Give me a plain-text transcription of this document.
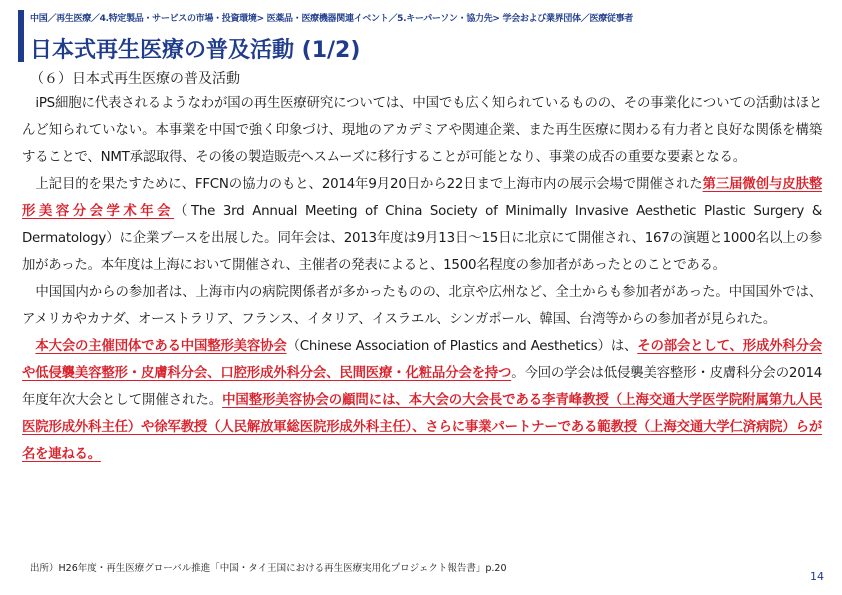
中国／再生医療／4.特定製品・サービスの市場・投資環境> 医薬品・医療機器関連イベント／5.キーパーソン・協力先> 学会および業界団体／医療従事者
日本式再生医療の普及活動 (1/2)
（６）日本式再生医療の普及活動

iPS細胞に代表されるようなわが国の再生医療研究については、中国でも広く知られているものの、その事業化についての活動はほとんど知られていない。本事業を中国で強く印象づけ、現地のアカデミアや関連企業、また再生医療に関わる有力者と良好な関係を構築することで、NMT承認取得、その後の製造販売へスムーズに移行することが可能となり、事業の成否の重要な要素となる。

上記目的を果たすために、FFCNの協力のもと、2014年9月20日から22日まで上海市内の展示会場で開催された第三届微创与皮肤整形美容分会学术年会（The 3rd Annual Meeting of China Society of Minimally Invasive Aesthetic Plastic Surgery & Dermatology）に企業ブースを出展した。同年会は、2013年度は9月13日～15日に北京にて開催され、167の演題と1000名以上の参加があった。本年度は上海において開催され、主催者の発表によると、1500名程度の参加者があったとのことである。

中国国内からの参加者は、上海市内の病院関係者が多かったものの、北京や広州など、全土からも参加者があった。中国国外では、アメリカやカナダ、オーストラリア、フランス、イタリア、イスラエル、シンガポール、韓国、台湾等からの参加者が見られた。

本大会の主催団体である中国整形美容协会（Chinese Association of Plastics and Aesthetics）は、その部会として、形成外科分会や低侵襲美容整形・皮膚科分会、口腔形成外科分会、民間医療・化粧品分会を持つ。今回の学会は低侵襲美容整形・皮膚科分会の2014年度年次大会として開催された。中国整形美容协会の顧問には、本大会の大会長である李青峰教授（上海交通大学医学院附属第九人民医院形成外科主任）や徐军教授（人民解放軍総医院形成外科主任）、さらに事業パートナーである範教授（上海交通大学仁済病院）らが名を連ねる。

出所）H26年度・再生医療グローバル推進「中国・タイ王国における再生医療実用化プロジェクト報告書」p.20
14
